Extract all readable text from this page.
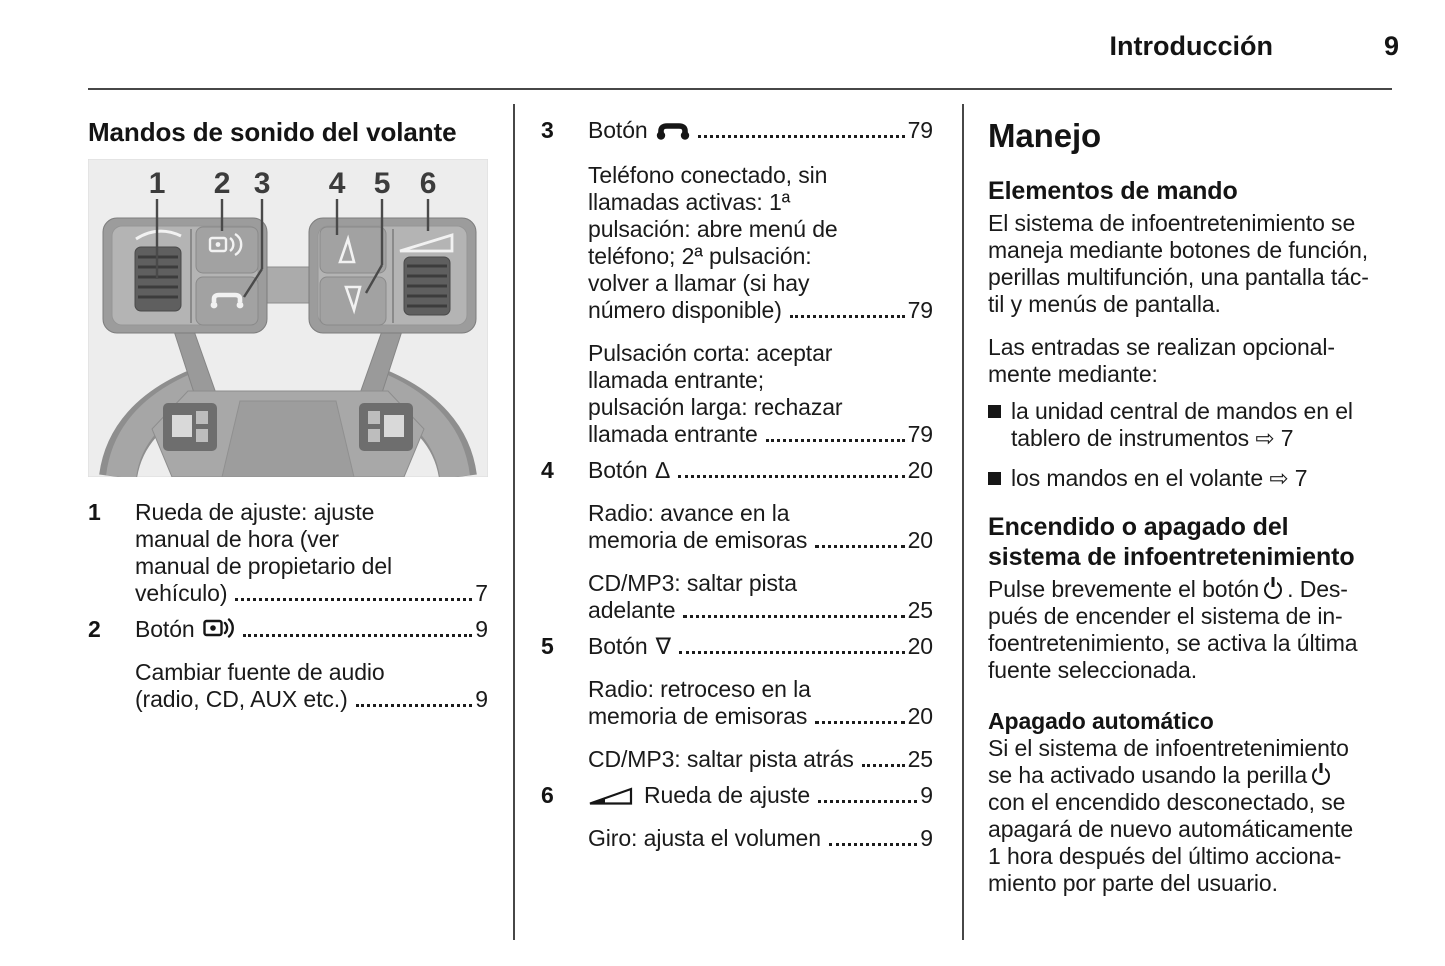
Introducción	9
Mandos de sonido del volante
1 2 3 4 5 6
1	Rueda de ajuste: ajuste
manual de hora (ver
manual de propietario del
vehículo)	7
2	Botón	9
Cambiar fuente de audio
(radio, CD, AUX etc.)	9
3	Botón	79
Teléfono conectado, sin
llamadas activas: 1ª
pulsación: abre menú de
teléfono; 2ª pulsación:
volver a llamar (si hay
número disponible)	79
Pulsación corta: aceptar
llamada entrante;
pulsación larga: rechazar
llamada entrante	79
4	Botón ∆	20
Radio: avance en la
memoria de emisoras	20
CD/MP3: saltar pista
adelante	25
5	Botón ∇	20
Radio: retroceso en la
memoria de emisoras	20
CD/MP3: saltar pista atrás 25
6	Rueda de ajuste	9
Giro: ajusta el volumen	9
Manejo
Elementos de mando
El sistema de infoentretenimiento se
maneja mediante botones de función,
perillas multifunción, una pantalla tác-
til y menús de pantalla.
Las entradas se realizan opcional-
mente mediante:
la unidad central de mandos en el
tablero de instrumentos ⇨ 7
los mandos en el volante ⇨ 7
Encendido o apagado del
sistema de infoentretenimiento
Pulse brevemente el botón . Des-
pués de encender el sistema de in-
foentretenimiento, se activa la última
fuente seleccionada.
Apagado automático
Si el sistema de infoentretenimiento
se ha activado usando la perilla
con el encendido desconectado, se
apagará de nuevo automáticamente
1 hora después del último acciona-
miento por parte del usuario.
